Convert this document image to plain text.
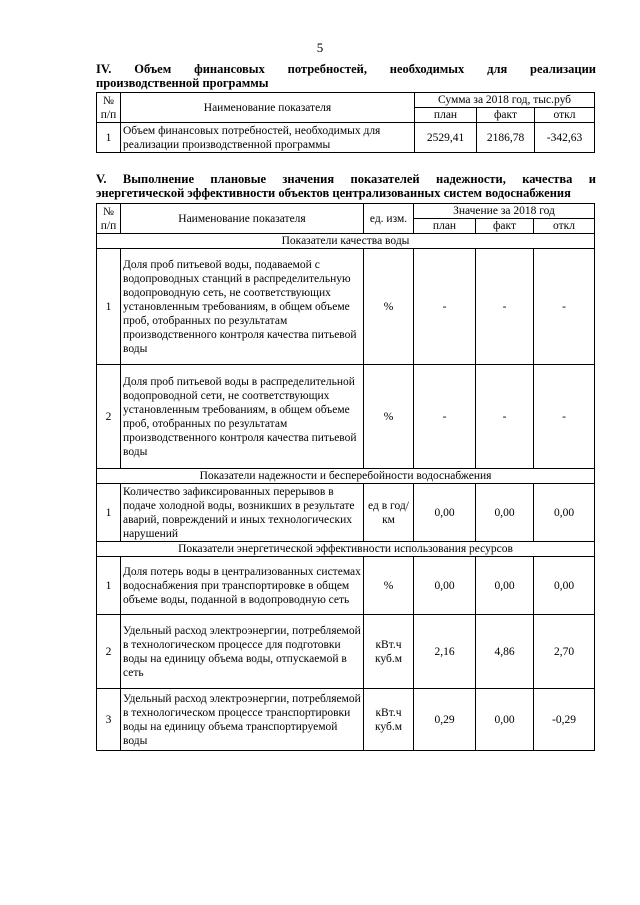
5
IV. Объем финансовых потребностей, необходимых для реализации
производственной программы
№ п/п	Наименование показателя	Сумма за 2018 год, тыс.руб		
		план	факт	откл
1	Объем финансовых потребностей, необходимых для реализации производственной программы	2529,41	2186,78	-342,63
V. Выполнение плановые значения показателей надежности, качества и
энергетической эффективности объектов централизованных систем водоснабжения
№ п/п	Наименование показателя	ед. изм.	Значение за 2018 год		
			план	факт	откл
Показатели качества воды					
1	Доля проб питьевой воды, подаваемой с водопроводных станций в распределительную водопроводную сеть, не соответствующих установленным требованиям, в общем объеме проб, отобранных по результатам производственного контроля качества питьевой воды	%	-	-	-
2	Доля проб питьевой воды в распределительной водопроводной сети, не соответствующих установленным требованиям, в общем объеме проб, отобранных по результатам производственного контроля качества питьевой воды	%	-	-	-
Показатели надежности и бесперебойности водоснабжения					
1	Количество зафиксированных перерывов в подаче холодной воды, возникших в результате аварий, повреждений и иных технологических нарушений	ед в год/ км	0,00	0,00	0,00
Показатели энергетической эффективности использования ресурсов					
1	Доля потерь воды в централизованных системах водоснабжения при транспортировке в общем объеме воды, поданной в водопроводную сеть	%	0,00	0,00	0,00
2	Удельный расход электроэнергии, потребляемой в технологическом процессе для подготовки воды на единицу объема воды, отпускаемой в сеть	кВт.ч куб.м	2,16	4,86	2,70
3	Удельный расход электроэнергии, потребляемой в технологическом процессе транспортировки воды на единицу объема транспортируемой воды	кВт.ч куб.м	0,29	0,00	-0,29
